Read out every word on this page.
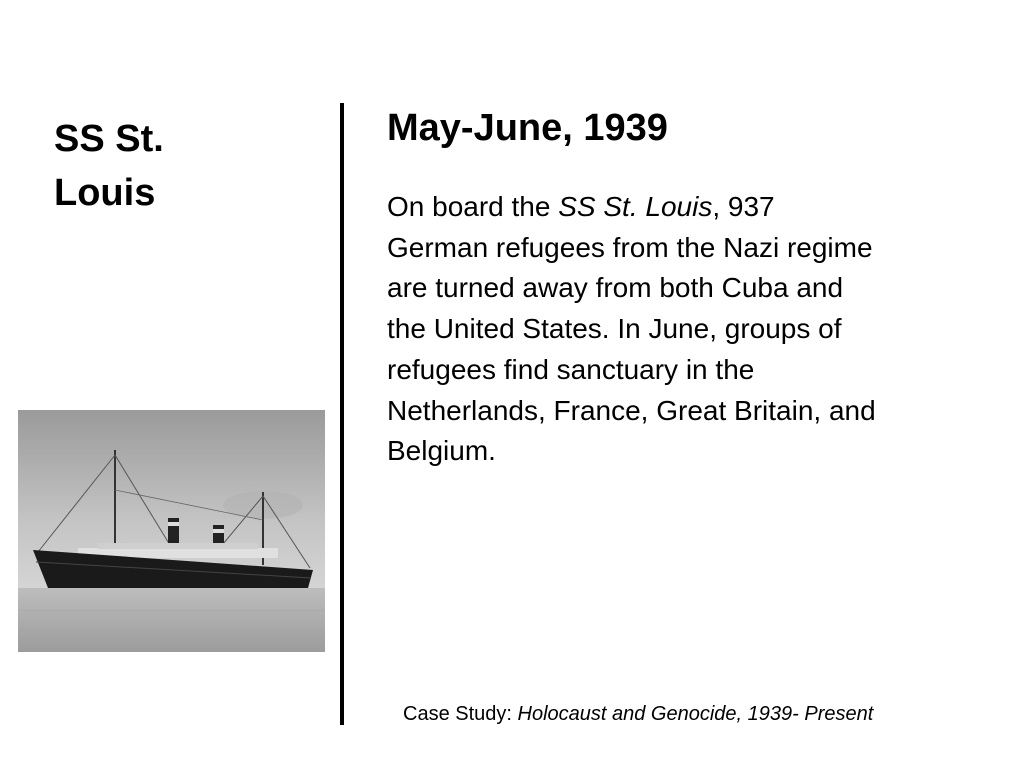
SS St.
Louis
May-June, 1939

On board the SS St. Louis, 937
German refugees from the Nazi regime
are turned away from both Cuba and
the United States. In June, groups of
refugees find sanctuary in the
Netherlands, France, Great Britain, and
Belgium.

Case Study: Holocaust and Genocide, 1939- Present
